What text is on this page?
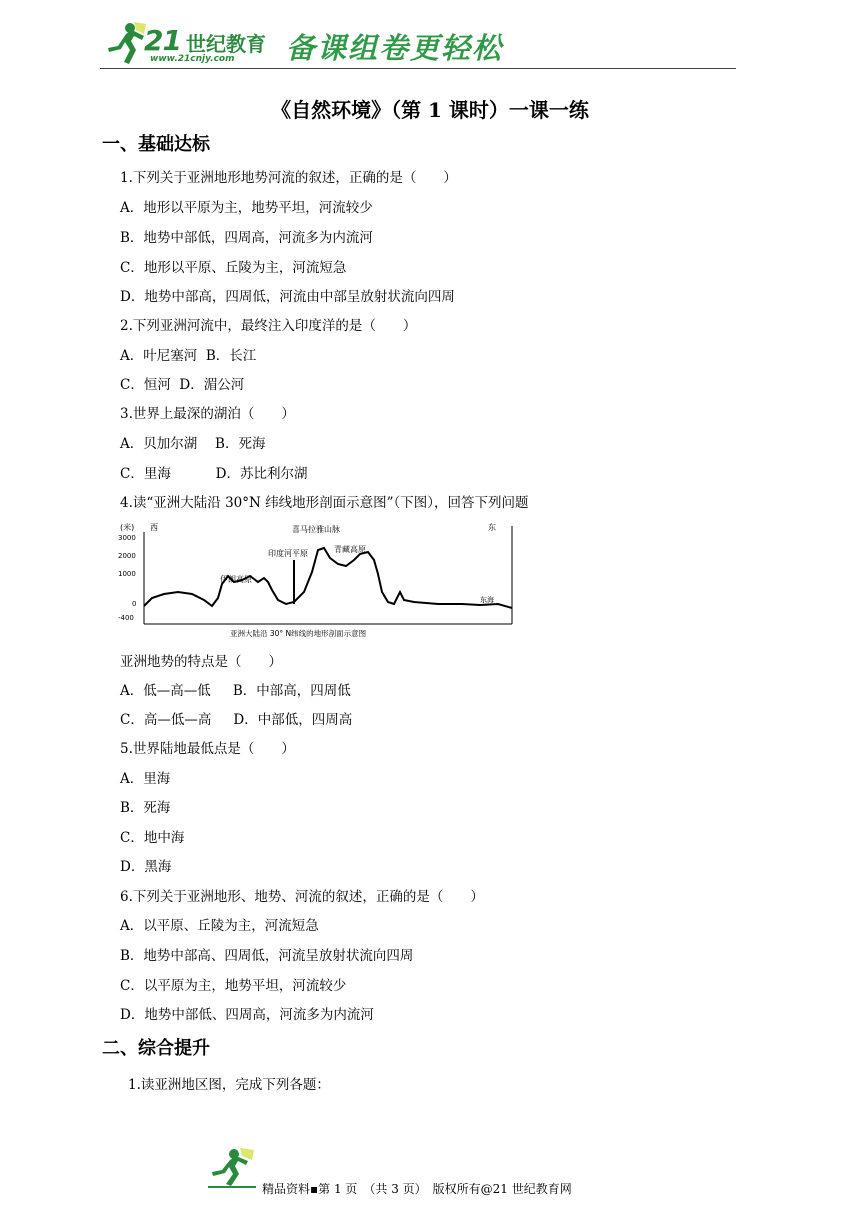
21 世纪教育
www.21cnjy.com 备课组卷更轻松
《自然环境》（第 1 课时）一课一练
一、基础达标
1.下列关于亚洲地形地势河流的叙述，正确的是（　　）
A．地形以平原为主，地势平坦，河流较少
B．地势中部低，四周高，河流多为内流河
C．地形以平原、丘陵为主，河流短急
D．地势中部高，四周低，河流由中部呈放射状流向四周
2.下列亚洲河流中，最终注入印度洋的是（　　）
A．叶尼塞河  B．长江
C．恒河  D．湄公河
3.世界上最深的湖泊（　　）
A．贝加尔湖　 B．死海
C．里海　　　 D．苏比利尔湖
4.读“亚洲大陆沿 30°N 纬线地形剖面示意图”（下图），回答下列问题
(米) 西	东
3000
2000
1000
0
-400
伊朗高原
印度河平原
喜马拉雅山脉
青藏高原
东海
亚洲大陆沿 30° N纬线的地形剖面示意图
亚洲地势的特点是（　　）
A．低—高—低　  B．中部高，四周低
C．高—低—高　  D．中部低，四周高
5.世界陆地最低点是（　　）
A．里海
B．死海
C．地中海
D．黑海
6.下列关于亚洲地形、地势、河流的叙述，正确的是（　　）
A．以平原、丘陵为主，河流短急
B．地势中部高、四周低，河流呈放射状流向四周
C．以平原为主，地势平坦，河流较少
D．地势中部低、四周高，河流多为内流河
二、综合提升
1.读亚洲地区图，完成下列各题：
精品资料▪第 1 页　（共 3 页）　版权所有@21 世纪教育网
